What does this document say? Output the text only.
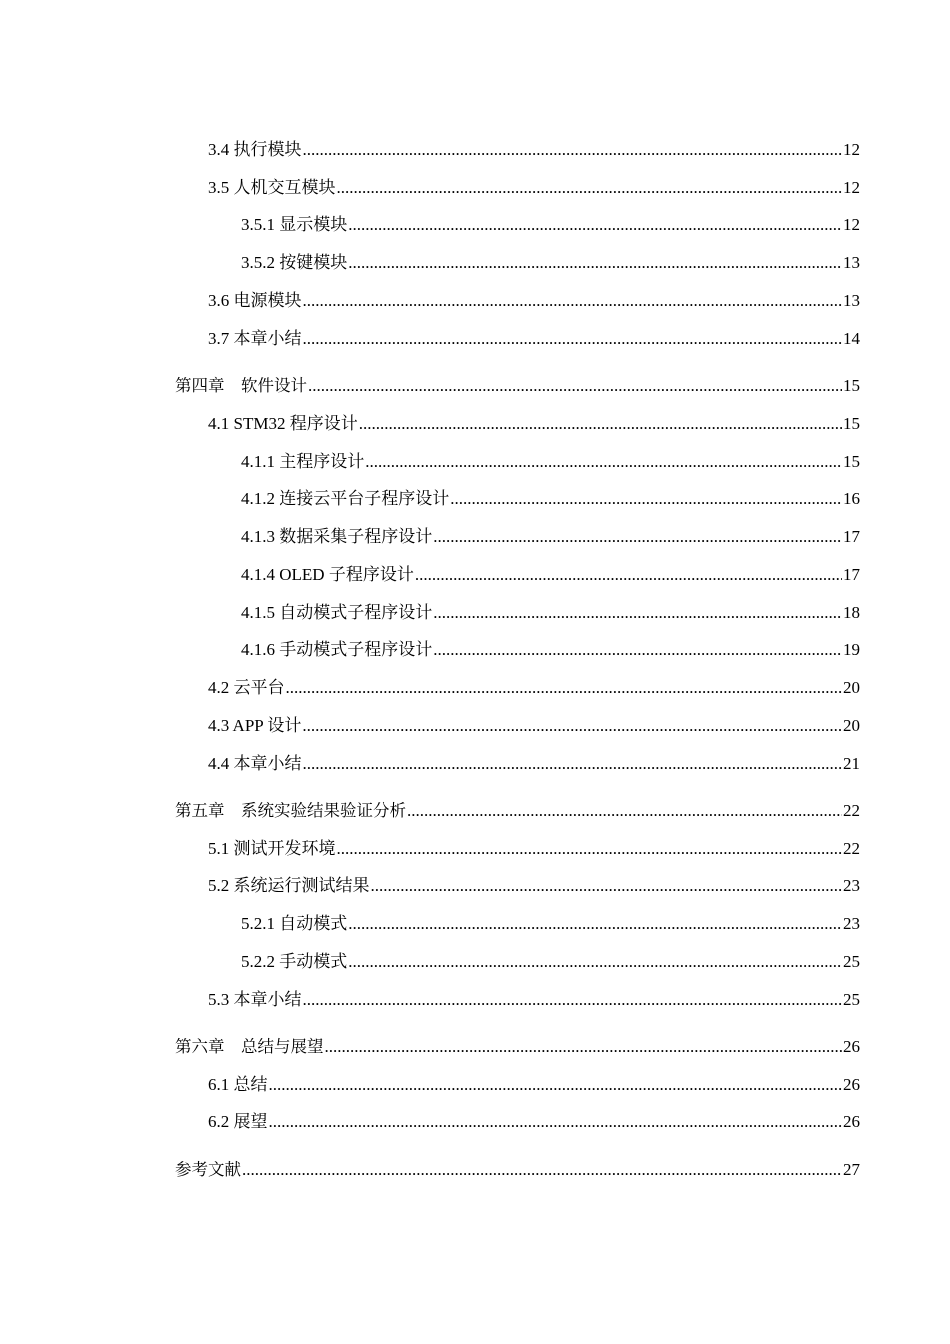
3.4 执行模块 .....	12
3.5 人机交互模块 .....	12
3.5.1 显示模块 .....	12
3.5.2 按键模块 .....	13
3.6 电源模块 .....	13
3.7 本章小结 .....	14
第四章　软件设计 .....	15
4.1 STM32 程序设计 .....	15
4.1.1 主程序设计 .....	15
4.1.2 连接云平台子程序设计 .....	16
4.1.3 数据采集子程序设计 .....	17
4.1.4 OLED 子程序设计 .....	17
4.1.5 自动模式子程序设计 .....	18
4.1.6 手动模式子程序设计 .....	19
4.2 云平台 .....	20
4.3 APP 设计 .....	20
4.4 本章小结 .....	21
第五章　系统实验结果验证分析 .....	22
5.1 测试开发环境 .....	22
5.2 系统运行测试结果 .....	23
5.2.1 自动模式 .....	23
5.2.2 手动模式 .....	25
5.3 本章小结 .....	25
第六章　总结与展望 .....	26
6.1 总结 .....	26
6.2 展望 .....	26
参考文献 .....	27
